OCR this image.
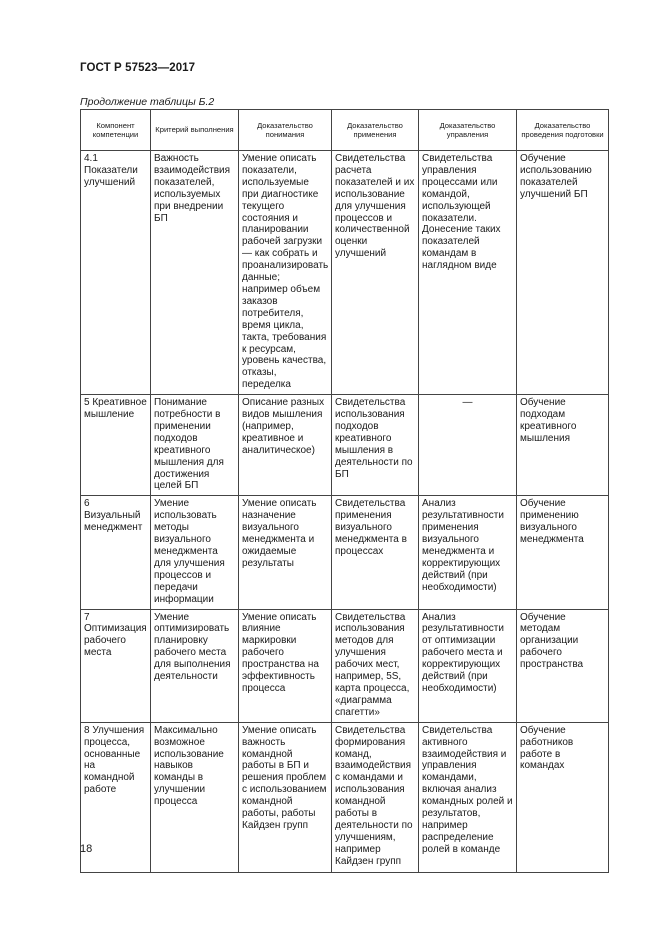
ГОСТ Р 57523—2017
Продолжение таблицы Б.2
Компонент компетенции	Критерий выполнения	Доказательство понимания	Доказательство применения	Доказательство управления	Доказательство проведения подготовки
4.1 Показатели улучшений	Важность взаимодействия показателей, используемых при внедрении БП	Умение описать показатели, используемые при диагностике текущего состояния и планировании рабочей загрузки — как собрать и проанализировать данные; например объем заказов потребителя, время цикла, такта, требования к ресурсам, уровень качества, отказы, переделка	Свидетельства расчета показателей и их использование для улучшения процессов и количественной оценки улучшений	Свидетельства управления процессами или командой, использующей показатели. Донесение таких показателей командам в наглядном виде	Обучение использованию показателей улучшений БП
5 Креативное мышление	Понимание потребности в применении подходов креативного мышления для достижения целей БП	Описание разных видов мышления (например, креативное и аналитическое)	Свидетельства использования подходов креативного мышления в деятельности по БП	—	Обучение подходам креативного мышления
6 Визуальный менеджмент	Умение использовать методы визуального менеджмента для улучшения процессов и передачи информации	Умение описать назначение визуального менеджмента и ожидаемые результаты	Свидетельства применения визуального менеджмента в процессах	Анализ результативности применения визуального менеджмента и корректирующих действий (при необходимости)	Обучение применению визуального менеджмента
7 Оптимизация рабочего места	Умение оптимизировать планировку рабочего места для выполнения деятельности	Умение описать влияние маркировки рабочего пространства на эффективность процесса	Свидетельства использования методов для улучшения рабочих мест, например, 5S, карта процесса, «диаграмма спагетти»	Анализ результативности от оптимизации рабочего места и корректирующих действий (при необходимости)	Обучение методам организации рабочего пространства
8 Улучшения процесса, основанные на командной работе	Максимально возможное использование навыков команды в улучшении процесса	Умение описать важность командной работы в БП и решения проблем с использованием командной работы, работы Кайдзен групп	Свидетельства формирования команд, взаимодействия с командами и использования командной работы в деятельности по улучшениям, например Кайдзен групп	Свидетельства активного взаимодействия и управления командами, включая анализ командных ролей и результатов, например распределение ролей в команде	Обучение работников работе в командах
18
